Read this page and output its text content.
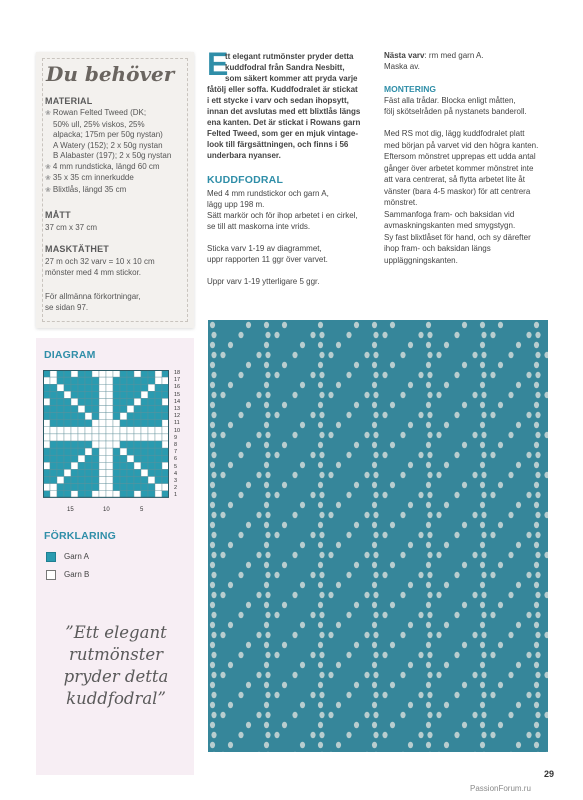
Du behöver
MATERIAL
❀ Rowan Felted Tweed (DK;
50% ull, 25% viskos, 25%
alpacka; 175m per 50g nystan)
A Watery (152); 2 x 50g nystan
B Alabaster (197); 2 x 50g nystan
❀ 4 mm rundsticka, längd 60 cm
❀ 35 x 35 cm innerkudde
❀ Blixtlås, längd 35 cm
MÅTT
37 cm x 37 cm
MASKTÄTHET
27 m och 32 varv = 10 x 10 cm
mönster med 4 mm stickor.
För allmänna förkortningar,
se sidan 97.
E
tt elegant rutmönster pryder detta
kuddfodral från Sandra Nesbitt,
som säkert kommer att pryda varje
fåtölj eller soffa. Kuddfodralet är stickat
i ett stycke i varv och sedan ihopsytt,
innan det avslutas med ett blixtlås längs
ena kanten. Det är stickat i Rowans garn
Felted Tweed, som ger en mjuk vintage-
look till färgsättningen, och finns i 56
underbara nyanser.
KUDDFODRAL
Med 4 mm rundstickor och garn A,
lägg upp 198 m.
Sätt markör och för ihop arbetet i en cirkel,
se till att maskorna inte vrids.
Sticka varv 1-19 av diagrammet,
uppr rapporten 11 ggr över varvet.
Uppr varv 1-19 ytterligare 5 ggr.
Nästa varv: rm med garn A.
Maska av.
MONTERING
Fäst alla trådar. Blocka enligt måtten,
följ skötselråden på nystanets banderoll.
Med RS mot dig, lägg kuddfodralet platt
med början på varvet vid den högra kanten.
Eftersom mönstret upprepas ett udda antal
gånger över arbetet kommer mönstret inte
att vara centrerat, så flytta arbetet lite åt
vänster (bara 4-5 maskor) för att centrera
mönstret.
Sammanfoga fram- och baksidan vid
avmaskningskanten med smygstygn.
Sy fast blixtlåset för hand, och sy därefter
ihop fram- och baksidan längs
uppläggningskanten.
DIAGRAM
18
17
16
15
14
13
12
11
10
9
8
7
6
5
4
3
2
1
15	10	5
FÖRKLARING
Garn A
Garn B
”Ett elegant rutmönster pryder detta kuddfodral”
29
PassionForum.ru
